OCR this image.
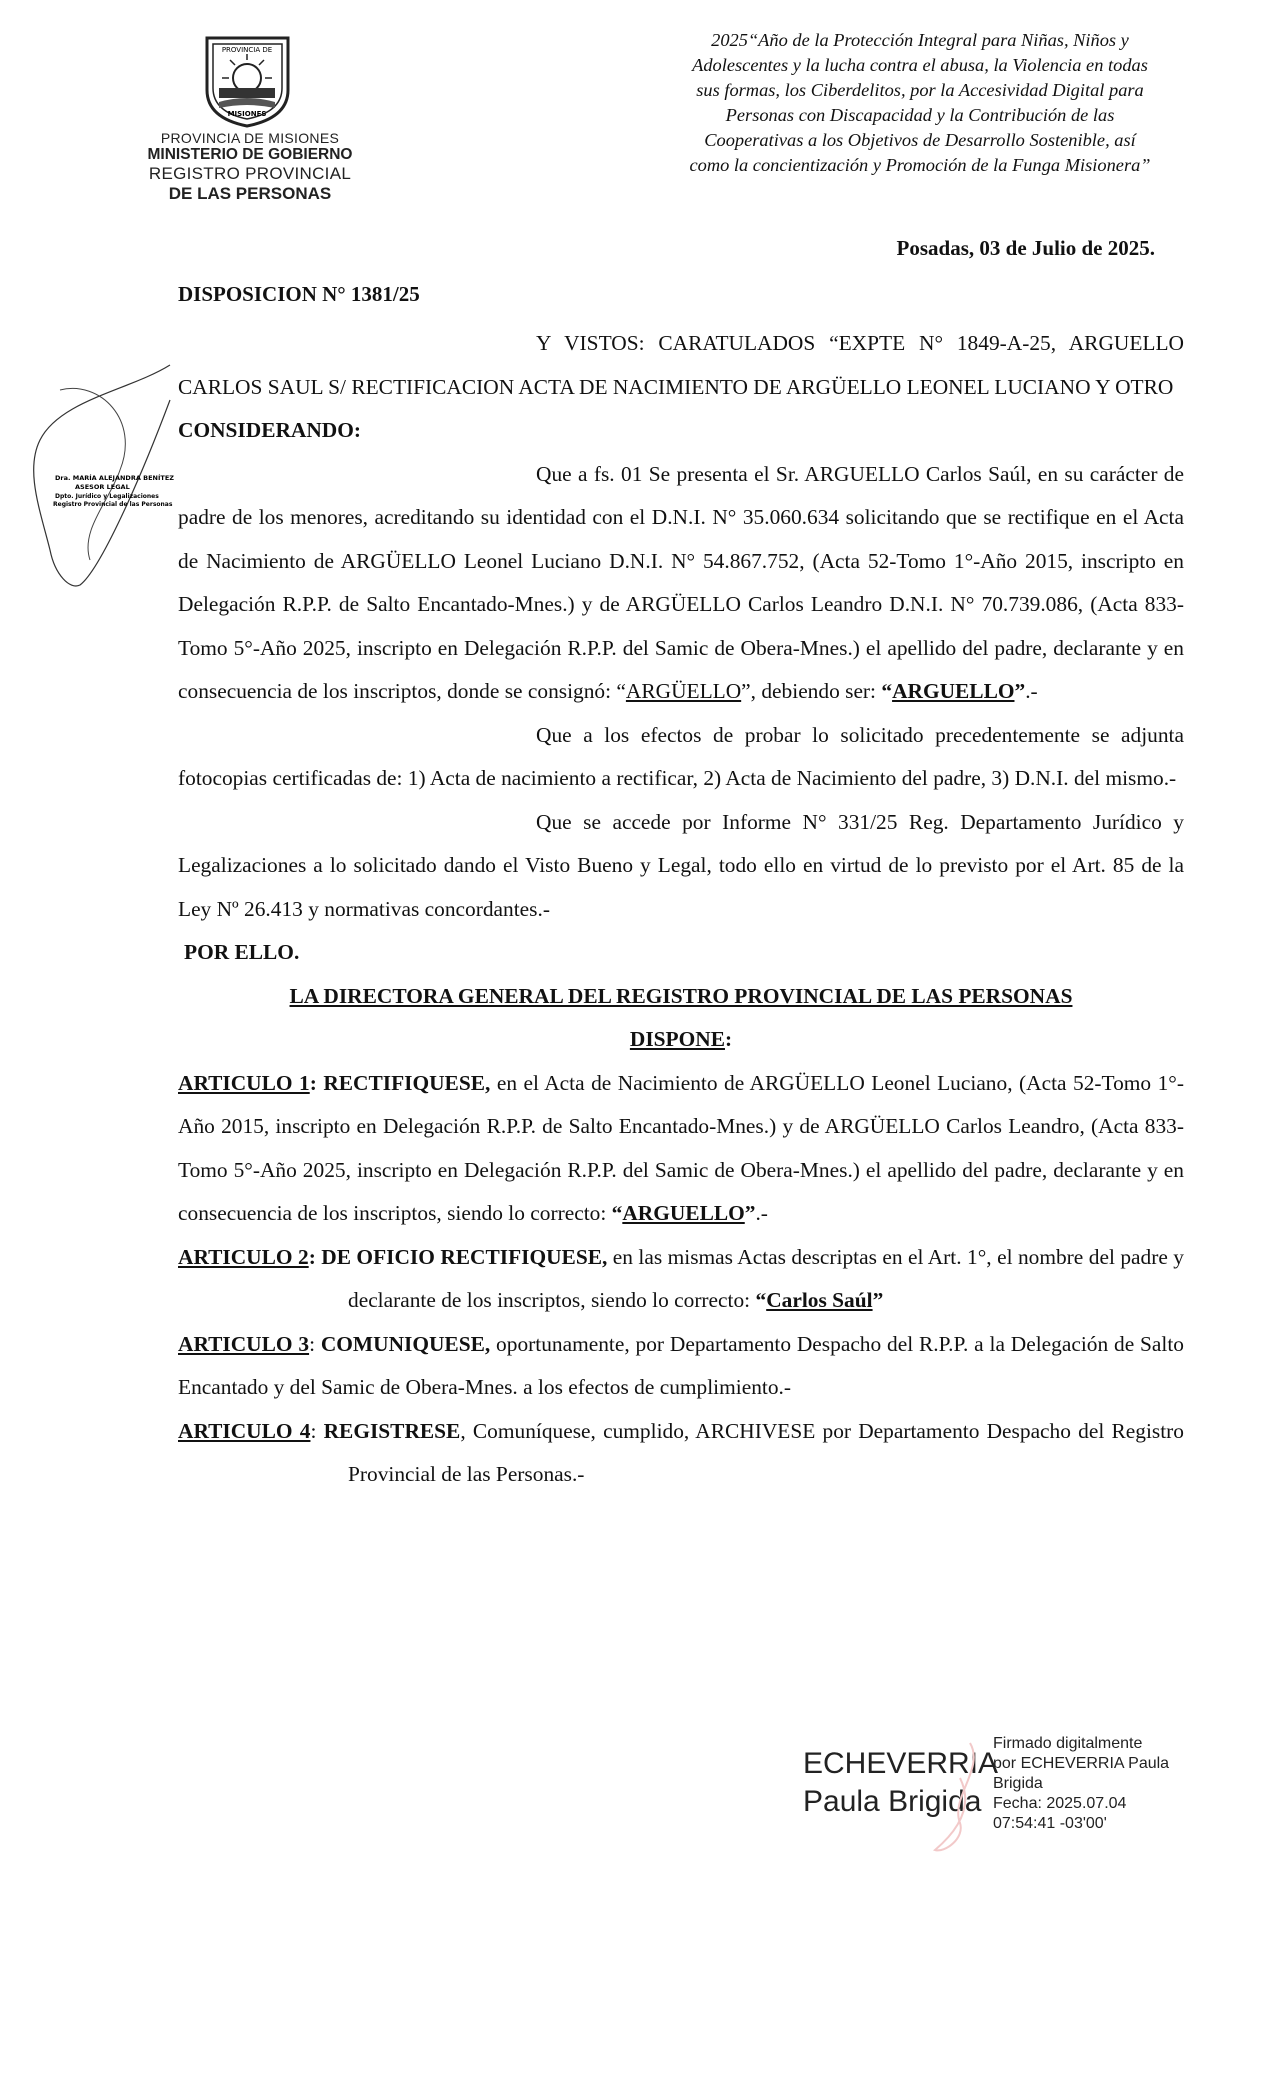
PROVINCIA DE
MISIONES
PROVINCIA DE MISIONES
MINISTERIO DE GOBIERNO
REGISTRO PROVINCIAL
DE LAS PERSONAS
2025“Año de la Protección Integral para Niñas, Niños y
Adolescentes y la lucha contra el abusa, la Violencia en todas
sus formas, los Ciberdelitos, por la Accesividad Digital para
Personas con Discapacidad y la Contribución de las
Cooperativas a los Objetivos de Desarrollo Sostenible, así
como la concientización y Promoción de la Funga Misionera”
Posadas, 03 de Julio de 2025.
DISPOSICION N° 1381/25
Dra. MARÍA ALEJANDRA BENÍTEZ
ASESOR LEGAL
Dpto. Jurídico y Legalizaciones
Registro Provincial de las Personas

Y VISTOS: CARATULADOS “EXPTE N° 1849-A-25, ARGUELLO CARLOS SAUL S/ RECTIFICACION ACTA DE NACIMIENTO DE ARGÜELLO LEONEL LUCIANO Y OTRO

CONSIDERANDO:

Que a fs. 01 Se presenta el Sr. ARGUELLO Carlos Saúl, en su carácter de padre de los menores, acreditando su identidad con el D.N.I. N° 35.060.634 solicitando que se rectifique en el Acta de Nacimiento de ARGÜELLO Leonel Luciano D.N.I. N° 54.867.752, (Acta 52-Tomo 1°-Año 2015, inscripto en Delegación R.P.P. de Salto Encantado-Mnes.) y de ARGÜELLO Carlos Leandro D.N.I. N° 70.739.086, (Acta 833-Tomo 5°-Año 2025, inscripto en Delegación R.P.P. del Samic de Obera-Mnes.) el apellido del padre, declarante y en consecuencia de los inscriptos, donde se consignó: “ARGÜELLO”, debiendo ser: “ARGUELLO”.-

Que a los efectos de probar lo solicitado precedentemente se adjunta fotocopias certificadas de: 1) Acta de nacimiento a rectificar, 2) Acta de Nacimiento del padre, 3) D.N.I. del mismo.-

Que se accede por Informe N° 331/25 Reg. Departamento Jurídico y Legalizaciones a lo solicitado dando el Visto Bueno y Legal, todo ello en virtud de lo previsto por el Art. 85 de la Ley Nº 26.413 y normativas concordantes.-

POR ELLO.

LA DIRECTORA GENERAL DEL REGISTRO PROVINCIAL DE LAS PERSONAS

DISPONE:

ARTICULO 1: RECTIFIQUESE, en el Acta de Nacimiento de ARGÜELLO Leonel Luciano, (Acta 52-Tomo 1°-Año 2015, inscripto en Delegación R.P.P. de Salto Encantado-Mnes.) y de ARGÜELLO Carlos Leandro, (Acta 833-Tomo 5°-Año 2025, inscripto en Delegación R.P.P. del Samic de Obera-Mnes.) el apellido del padre, declarante y en consecuencia de los inscriptos, siendo lo correcto: “ARGUELLO”.-

ARTICULO 2: DE OFICIO RECTIFIQUESE, en las mismas Actas descriptas en el Art. 1°, el nombre del padre y declarante de los inscriptos, siendo lo correcto: “Carlos Saúl”

ARTICULO 3: COMUNIQUESE, oportunamente, por Departamento Despacho del R.P.P. a la Delegación de Salto Encantado y del Samic de Obera-Mnes. a los efectos de cumplimiento.-

ARTICULO 4: REGISTRESE, Comuníquese, cumplido, ARCHIVESE por Departamento Despacho del Registro Provincial de las Personas.-

ECHEVERRIA
Paula Brigida
Firmado digitalmente
por ECHEVERRIA Paula
Brigida
Fecha: 2025.07.04
07:54:41 -03'00'
